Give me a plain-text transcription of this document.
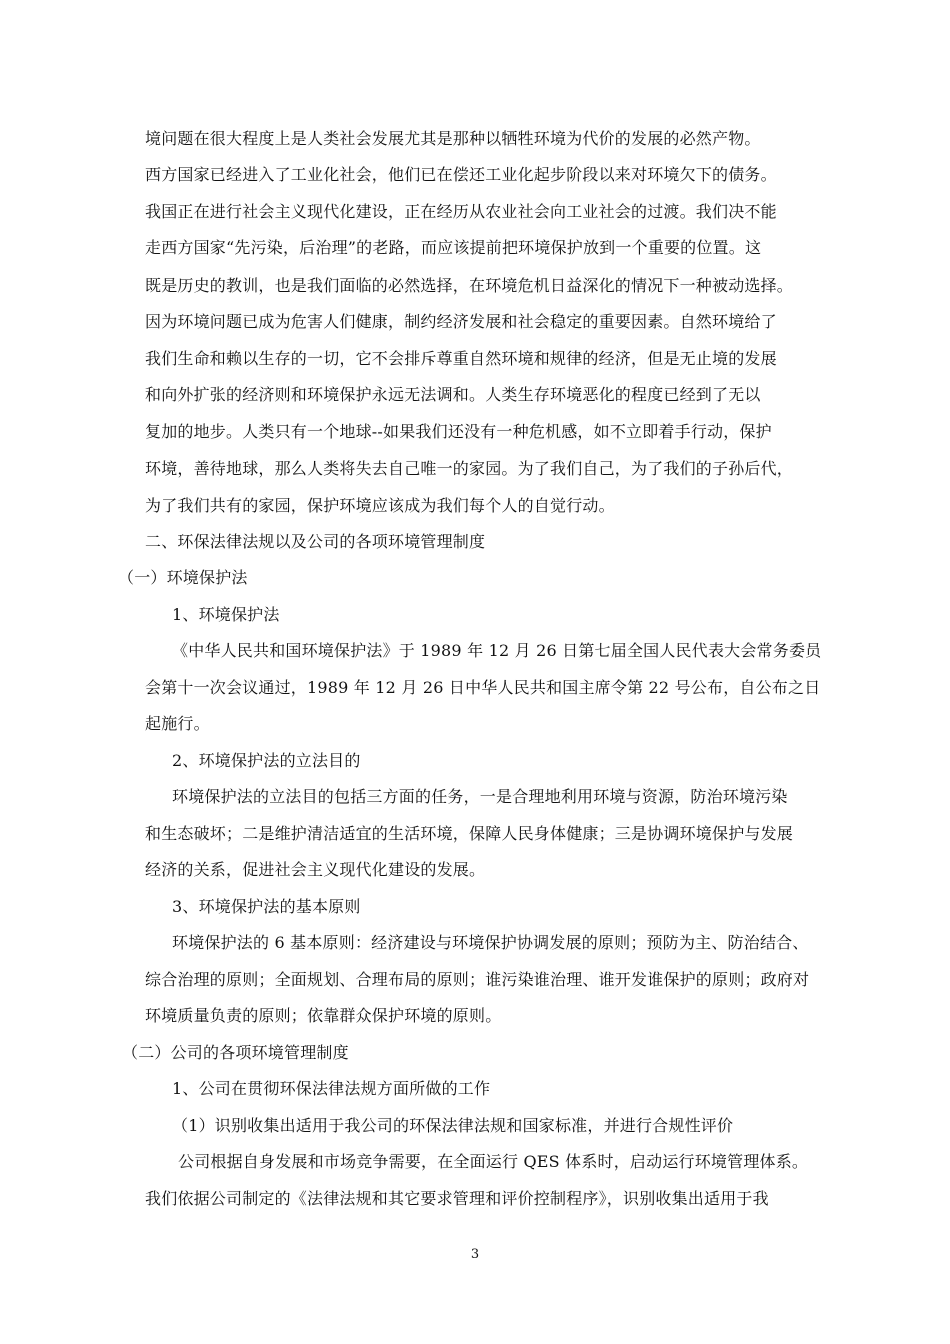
境问题在很大程度上是人类社会发展尤其是那种以牺牲环境为代价的发展的必然产物。
西方国家已经进入了工业化社会，他们已在偿还工业化起步阶段以来对环境欠下的债务。
我国正在进行社会主义现代化建设，正在经历从农业社会向工业社会的过渡。我们决不能
走西方国家“先污染，后治理”的老路，而应该提前把环境保护放到一个重要的位置。这
既是历史的教训，也是我们面临的必然选择，在环境危机日益深化的情况下一种被动选择。
因为环境问题已成为危害人们健康，制约经济发展和社会稳定的重要因素。自然环境给了
我们生命和赖以生存的一切，它不会排斥尊重自然环境和规律的经济，但是无止境的发展
和向外扩张的经济则和环境保护永远无法调和。人类生存环境恶化的程度已经到了无以
复加的地步。人类只有一个地球--如果我们还没有一种危机感，如不立即着手行动，保护
环境，善待地球，那么人类将失去自己唯一的家园。为了我们自己，为了我们的子孙后代，
为了我们共有的家园，保护环境应该成为我们每个人的自觉行动。
二、环保法律法规以及公司的各项环境管理制度
（一）环境保护法
1、环境保护法
《中华人民共和国环境保护法》于 1989 年 12 月 26 日第七届全国人民代表大会常务委员
会第十一次会议通过，1989 年 12 月 26 日中华人民共和国主席令第 22 号公布，自公布之日
起施行。
2、环境保护法的立法目的
环境保护法的立法目的包括三方面的任务，一是合理地利用环境与资源，防治环境污染
和生态破坏；二是维护清洁适宜的生活环境，保障人民身体健康；三是协调环境保护与发展
经济的关系，促进社会主义现代化建设的发展。
3、环境保护法的基本原则
环境保护法的 6 基本原则：经济建设与环境保护协调发展的原则；预防为主、防治结合、
综合治理的原则；全面规划、合理布局的原则；谁污染谁治理、谁开发谁保护的原则；政府对
环境质量负责的原则；依靠群众保护环境的原则。
（二）公司的各项环境管理制度
1、公司在贯彻环保法律法规方面所做的工作
（1）识别收集出适用于我公司的环保法律法规和国家标准，并进行合规性评价
公司根据自身发展和市场竞争需要，在全面运行 QES 体系时，启动运行环境管理体系。
我们依据公司制定的《法律法规和其它要求管理和评价控制程序》，识别收集出适用于我
3
